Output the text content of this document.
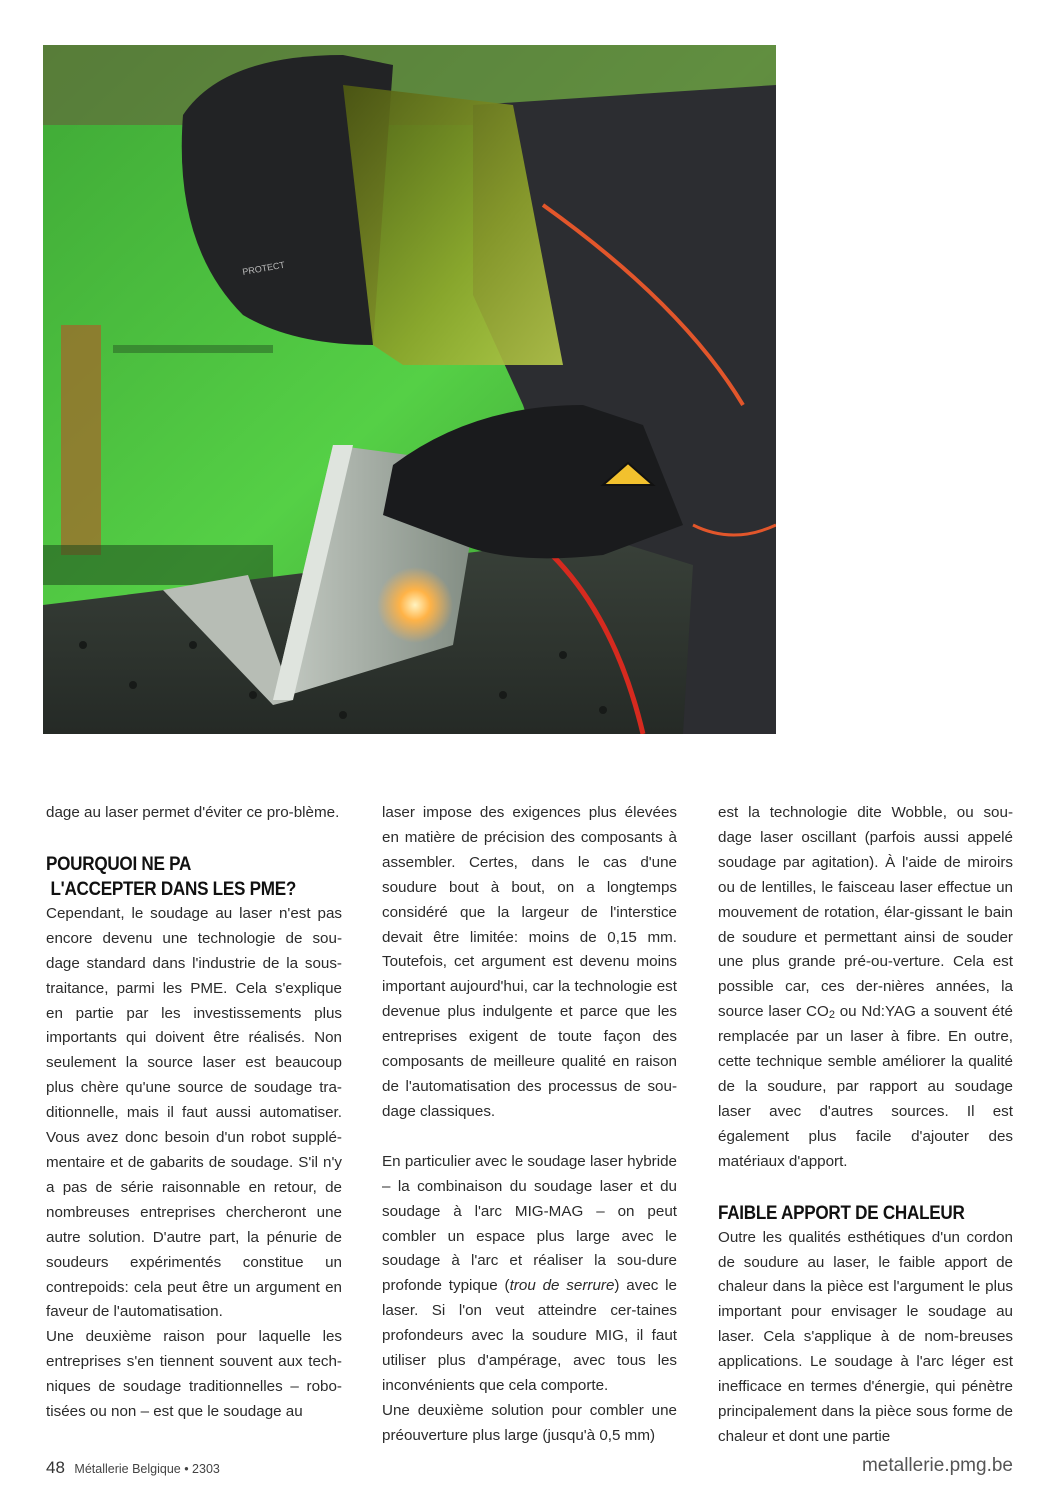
PROTECT

dage au laser permet d'éviter ce pro-blème.

POURQUOI NE PA

L'ACCEPTER DANS LES PME?

Cependant, le soudage au laser n'est pas encore devenu une technologie de sou-dage standard dans l'industrie de la sous-traitance, parmi les PME. Cela s'explique en partie par les investissements plus importants qui doivent être réalisés. Non seulement la source laser est beaucoup plus chère qu'une source de soudage tra-ditionnelle, mais il faut aussi automatiser. Vous avez donc besoin d'un robot supplé-mentaire et de gabarits de soudage. S'il n'y a pas de série raisonnable en retour, de nombreuses entreprises chercheront une autre solution. D'autre part, la pénurie de soudeurs expérimentés constitue un contrepoids: cela peut être un argument en faveur de l'automatisation.

Une deuxième raison pour laquelle les entreprises s'en tiennent souvent aux tech-niques de soudage traditionnelles – robo-tisées ou non – est que le soudage au

laser impose des exigences plus élevées en matière de précision des composants à assembler. Certes, dans le cas d'une soudure bout à bout, on a longtemps considéré que la largeur de l'interstice devait être limitée: moins de 0,15 mm. Toutefois, cet argument est devenu moins important aujourd'hui, car la technologie est devenue plus indulgente et parce que les entreprises exigent de toute façon des composants de meilleure qualité en raison de l'automatisation des processus de sou-dage classiques.

En particulier avec le soudage laser hybride – la combinaison du soudage laser et du soudage à l'arc MIG-MAG – on peut combler un espace plus large avec le soudage à l'arc et réaliser la sou-dure profonde typique (trou de serrure) avec le laser. Si l'on veut atteindre cer-taines profondeurs avec la soudure MIG, il faut utiliser plus d'ampérage, avec tous les inconvénients que cela comporte.

Une deuxième solution pour combler une préouverture plus large (jusqu'à 0,5 mm)

est la technologie dite Wobble, ou sou-dage laser oscillant (parfois aussi appelé soudage par agitation). À l'aide de miroirs ou de lentilles, le faisceau laser effectue un mouvement de rotation, élar-gissant le bain de soudure et permettant ainsi de souder une plus grande pré-ou-verture. Cela est possible car, ces der-nières années, la source laser $CO_2$ ou Nd:YAG a souvent été remplacée par un laser à fibre. En outre, cette technique semble améliorer la qualité de la soudure, par rapport au soudage laser avec d'autres sources. Il est également plus facile d'ajouter des matériaux d'apport.

FAIBLE APPORT DE CHALEUR

Outre les qualités esthétiques d'un cordon de soudure au laser, le faible apport de chaleur dans la pièce est l'argument le plus important pour envisager le soudage au laser. Cela s'applique à de nom-breuses applications. Le soudage à l'arc léger est inefficace en termes d'énergie, qui pénètre principalement dans la pièce sous forme de chaleur et dont une partie

48 Métallerie Belgique • 2303	metallerie.pmg.be
